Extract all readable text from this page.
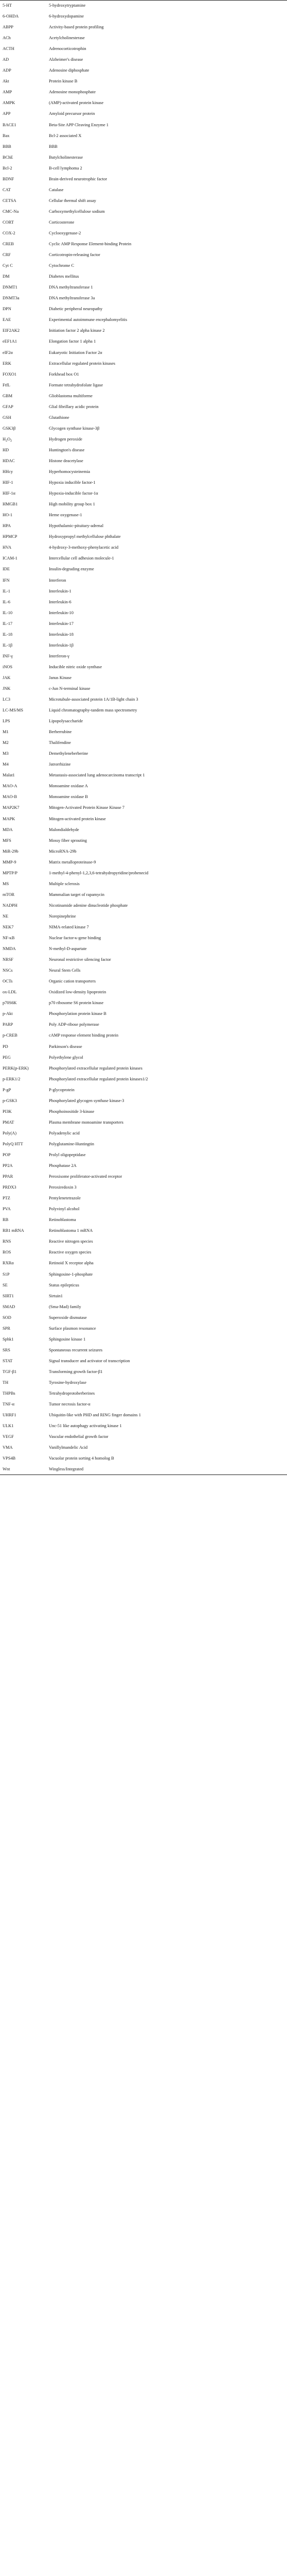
5-HT	5-hydroxytryptamine
6-OHDA	6-hydroxydopamine
ABPP	Activity-based protein profiling
ACh	Acetylcholinesterase
ACTH	Adrenocorticotrophin
AD	Alzheimer's disease
ADP	Adenosine diphosphate
Akt	Protein kinase B
AMP	Adenosine monophosphate
AMPK	(AMP)-activated protein kinase
APP	Amyloid precursor protein
BACE1	Beta-Site APP Cleaving Enzyme 1
Bax	Bcl-2 associated X
BBB	BBB
BChE	Butylcholinesterase
Bcl-2	B-cell lymphoma 2
BDNF	Brain-derived neurotrophic factor
CAT	Catalase
CETSA	Cellular thermal shift assay
CMC-Na	Carboxymethylcellulose sodium
CORT	Corticosterone
COX-2	Cyclooxygenase-2
CREB	Cyclic AMP Response Element-binding Protein
CRF	Corticotropin-releasing factor
Cyt C	Cytochrome C
DM	Diabetes mellitus
DNMT1	DNA methyltransferase 1
DNMT3a	DNA methyltransferase 3a
DPN	Diabetic peripheral neuropathy
EAE	Experimental autoimmune encephalomyelitis
EIF2AK2	Initiation factor 2 alpha kinase 2
eEF1A1	Elongation factor 1 alpha 1
eIF2α	Eukaryotic Initiation Factor 2α
ERK	Extracellular regulated protein kinases
FOXO1	Forkhead box O1
FtfL	Formate tetrahydrofolate ligase
GBM	Glioblastoma multiforme
GFAP	Glial fibrillary acidic protein
GSH	Glutathione
GSK3β	Glycogen synthase kinase-3β
$H_2O_2$	Hydrogen peroxide
HD	Huntington's disease
HDAC	Histone deacetylase
HHcy	Hyperhomocysteinemia
HIF-1	Hypoxia inducible factor-1
HIF-1α	Hypoxia-inducible factor-1α
HMGB1	High mobility group box 1
HO-1	Heme oxygenase-1
HPA	Hypothalamic-pituitary-adrenal
HPMCP	Hydroxypropyl methylcellulose phthalate
HVA	4-hydroxy-3-methoxy-phenylacetic acid
ICAM-1	Intercellular cell adhesion molecule-1
IDE	Insulin-degrading enzyme
IFN	Interferon
IL-1	Interleukin-1
IL-6	Interleukin-6
IL-10	Interleukin-10
IL-17	Interleukin-17
IL-18	Interleukin-18
IL-1β	Interleukin-1β
INF-γ	Interferon-γ
iNOS	Inducible nitric oxide synthase
JAK	Janus Kinase
JNK	c-Jun N-terminal kinase
LC3	Microtubule-associated protein 1A/1B-light chain 3
LC-MS/MS	Liquid chromatography-tandem mass spectrometry
LPS	Lipopolysaccharide
M1	Berberrubine
M2	Thalifendine
M3	Demethyleneberberine
M4	Jatrorrhizine
Malat1	Metastasis-associated lung adenocarcinoma transcript 1
MAO-A	Monoamine oxidase A
MAO-B	Monoamine oxidase B
MAP2K7	Mitogen-Activated Protein Kinase Kinase 7
MAPK	Mitogen-activated protein kinase
MDA	Malondialdehyde
MFS	Mossy fiber sprouting
MiR-29b	MicroRNA-29b
MMP-9	Matrix metalloproteinase-9
MPTP/P	1-methyl-4-phenyl-1,2,3,6-tetrahydropyridine/probenecid
MS	Multiple sclerosis
mTOR	Mammalian target of rapamycin
NADPH	Nicotinamide adenine dinucleotide phosphate
NE	Norepinephrine
NEK7	NIMA-related kinase 7
NF-κB	Nuclear factor-κ-gene binding
NMDA	N-methyl-D-aspartate
NRSF	Neuronal restrictive silencing factor
NSCs	Neural Stem Cells
OCTs	Organic cation transporters
ox-LDL	Oxidized low-density lipoprotein
p70S6K	p70 ribosome S6 protein kinase
p-Akt	Phosphorylation protein kinase B
PARP	Poly ADP-ribose polymerase
p-CREB	cAMP response element binding protein
PD	Parkinson's disease
PEG	Polyethylene glycol
PERK(p-ERK)	Phosphorylated extracellular regulated protein kinases
p-ERK1/2	Phosphorylated extracellular regulated protein kinases1/2
P-gP	P-glycoprotein
p-GSK3	Phosphorylated glycogen synthase kinase-3
PI3K	Phosphoinositide 3-kinase
PMAT	Plasma membrane monoamine transporters
Poly(A)	Polyadenylic acid
PolyQ HTT	Polyglutamine-Huntingtin
POP	Prolyl oligopeptidase
PP2A	Phosphatase 2A
PPAR	Peroxisome proliferator-activated receptor
PRDX3	Peroxiredoxin 3
PTZ	Pentylenetetrazole
PVA	Polyvinyl alcohol
RB	Retinoblastoma
RB1 mRNA	Retinoblastoma 1 mRNA
RNS	Reactive nitrogen species
ROS	Reactive oxygen species
RXRα	Retinoid X receptor alpha
S1P	Sphingosine-1-phosphate
SE	Status epilepticus
SIRT1	Sirtuin1
SMAD	(Sma-Mad) family
SOD	Superoxide dismutase
SPR	Surface plasmon resonance
Sphk1	Sphingosine kinase 1
SRS	Spontaneous recurrent seizures
STAT	Signal transducer and activator of transcription
TGF-β1	Transforming growth factor-β1
TH	Tyrosine-hydroxylase
THPBs	Tetrahydroprotoberberines
TNF-α	Tumor necrosis factor-α
UHRF1	Ubiquitin-like with PHD and RING finger domains 1
ULK1	Unc-51 like autophagy activating kinase 1
VEGF	Vascular endothelial growth factor
VMA	Vanillylmandelic Acid
VPS4B	Vacuolar protein sorting 4 homolog B
Wnt	Wingless/Integrated
